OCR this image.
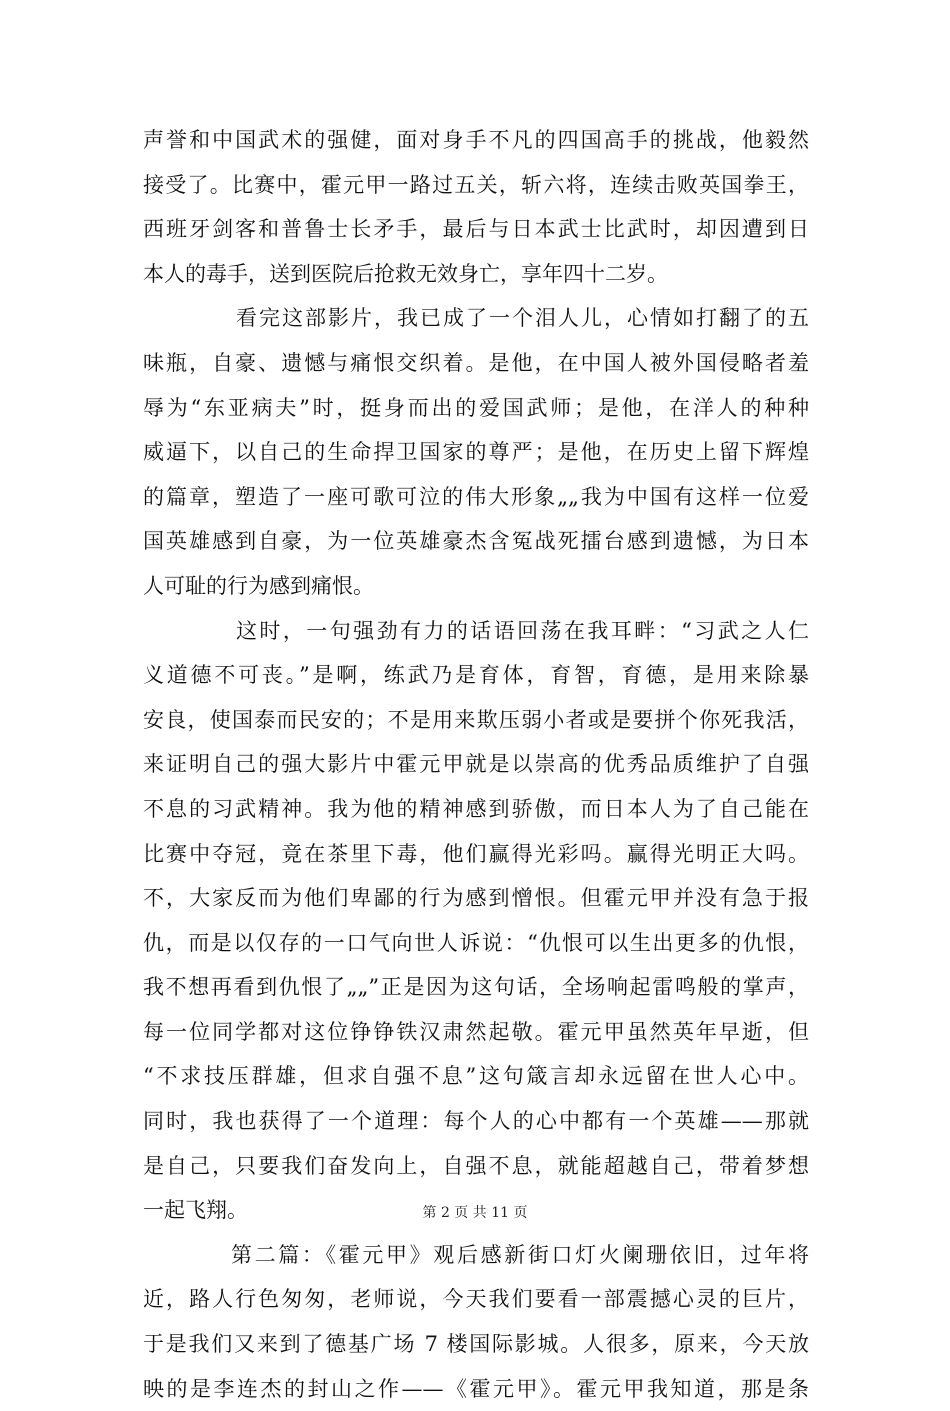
声誉和中国武术的强健，面对身手不凡的四国高手的挑战，他毅然
接受了。比赛中，霍元甲一路过五关，斩六将，连续击败英国拳王，
西班牙剑客和普鲁士长矛手，最后与日本武士比武时，却因遭到日
本人的毒手，送到医院后抢救无效身亡，享年四十二岁。
看完这部影片，我已成了一个泪人儿，心情如打翻了的五
味瓶，自豪、遗憾与痛恨交织着。是他，在中国人被外国侵略者羞
辱为“东亚病夫”时，挺身而出的爱国武师；是他，在洋人的种种
威逼下，以自己的生命捍卫国家的尊严；是他，在历史上留下辉煌
的篇章，塑造了一座可歌可泣的伟大形象„„我为中国有这样一位爱
国英雄感到自豪，为一位英雄豪杰含冤战死擂台感到遗憾，为日本
人可耻的行为感到痛恨。
这时，一句强劲有力的话语回荡在我耳畔：“习武之人仁
义道德不可丧。”是啊，练武乃是育体，育智，育德，是用来除暴
安良，使国泰而民安的；不是用来欺压弱小者或是要拼个你死我活，
来证明自己的强大影片中霍元甲就是以崇高的优秀品质维护了自强
不息的习武精神。我为他的精神感到骄傲，而日本人为了自己能在
比赛中夺冠，竟在茶里下毒，他们赢得光彩吗。赢得光明正大吗。
不，大家反而为他们卑鄙的行为感到憎恨。但霍元甲并没有急于报
仇，而是以仅存的一口气向世人诉说：“仇恨可以生出更多的仇恨，
我不想再看到仇恨了„„”正是因为这句话，全场响起雷鸣般的掌声，
每一位同学都对这位铮铮铁汉肃然起敬。霍元甲虽然英年早逝，但
“不求技压群雄，但求自强不息”这句箴言却永远留在世人心中。
同时，我也获得了一个道理：每个人的心中都有一个英雄——那就
是自己，只要我们奋发向上，自强不息，就能超越自己，带着梦想
一起飞翔。
第二篇：《霍元甲》观后感新街口灯火阑珊依旧，过年将
近，路人行色匆匆，老师说，今天我们要看一部震撼心灵的巨片，
于是我们又来到了德基广场 7 楼国际影城。人很多，原来，今天放
映的是李连杰的封山之作——《霍元甲》。霍元甲我知道，那是条
第 2 页 共 11 页
